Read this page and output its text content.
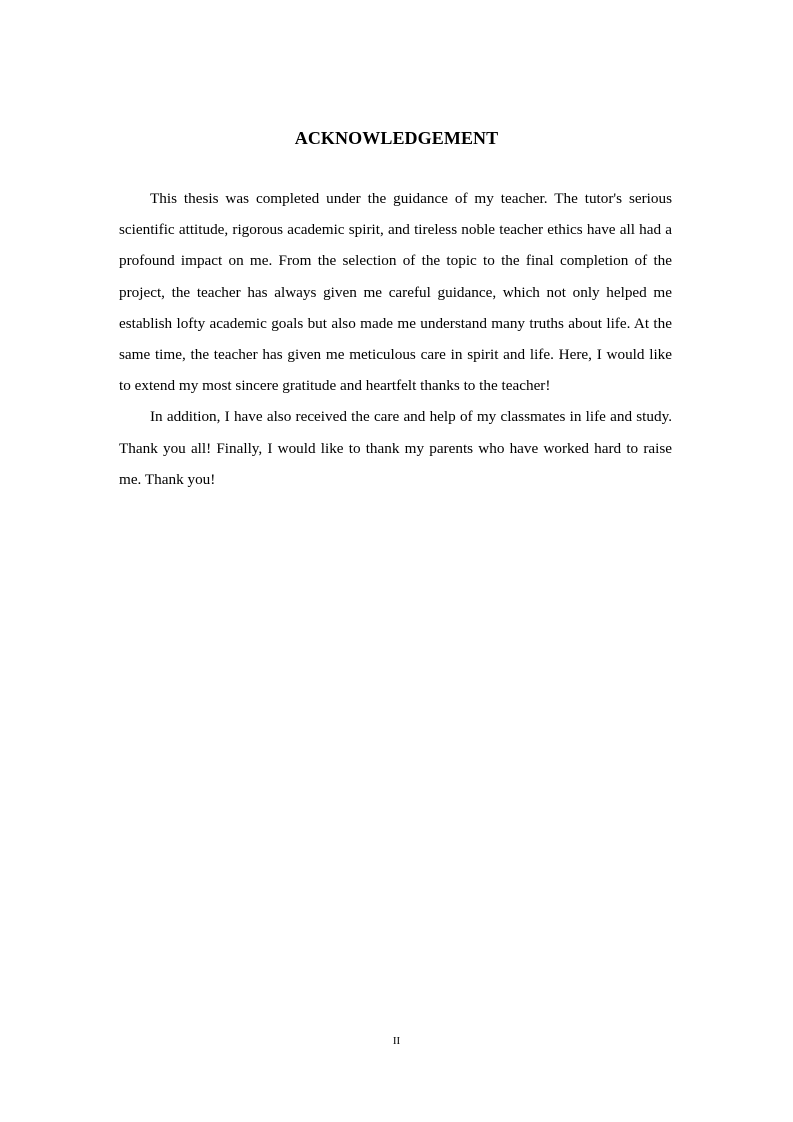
ACKNOWLEDGEMENT

This thesis was completed under the guidance of my teacher. The tutor's serious scientific attitude, rigorous academic spirit, and tireless noble teacher ethics have all had a profound impact on me. From the selection of the topic to the final completion of the project, the teacher has always given me careful guidance, which not only helped me establish lofty academic goals but also made me understand many truths about life. At the same time, the teacher has given me meticulous care in spirit and life. Here, I would like to extend my most sincere gratitude and heartfelt thanks to the teacher!

In addition, I have also received the care and help of my classmates in life and study. Thank you all! Finally, I would like to thank my parents who have worked hard to raise me. Thank you!

II
